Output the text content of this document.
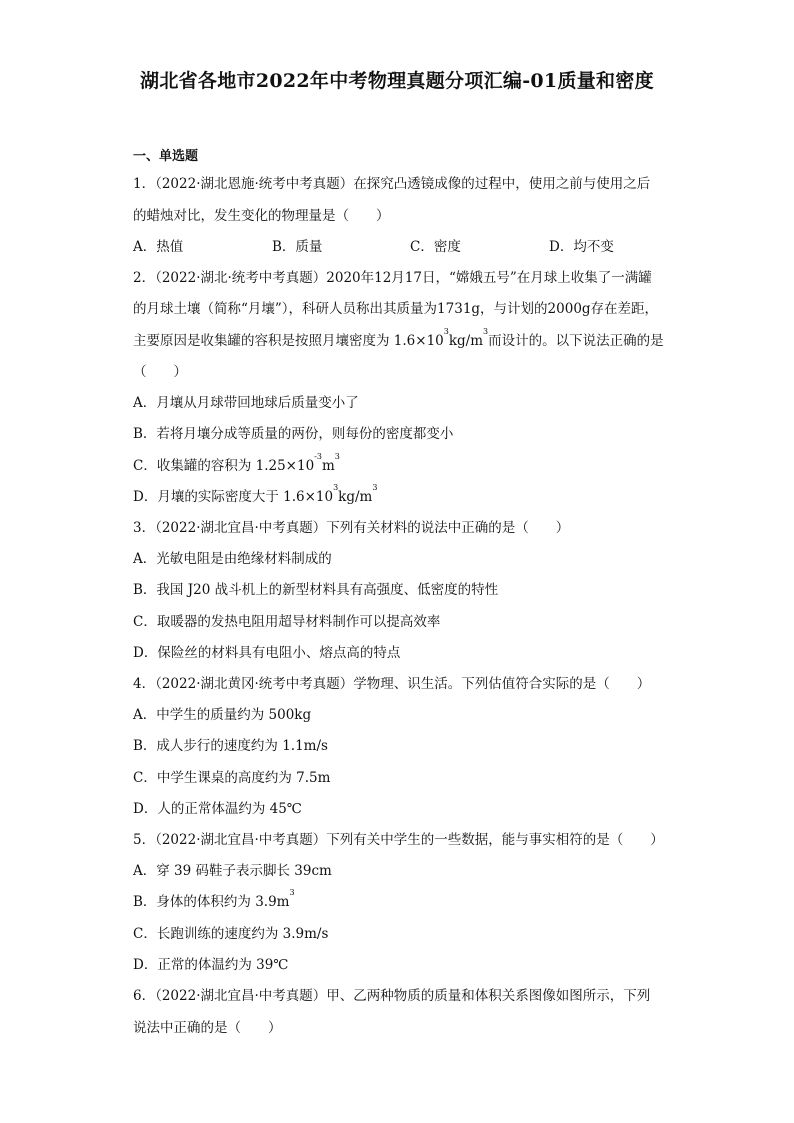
湖北省各地市2022年中考物理真题分项汇编-01质量和密度
一、单选题
1．（2022·湖北恩施·统考中考真题）在探究凸透镜成像的过程中，使用之前与使用之后
的蜡烛对比，发生变化的物理量是（　　）
A．热值	B．质量	C．密度	D．均不变
2．（2022·湖北·统考中考真题）2020年12月17日，“嫦娥五号”在月球上收集了一满罐
的月球土壤（简称“月壤”），科研人员称出其质量为1731g，与计划的2000g存在差距，
主要原因是收集罐的容积是按照月壤密度为 $1.6\times 10^3kg/m^3$而设计的。以下说法正确的是
（　　）
A．月壤从月球带回地球后质量变小了
B．若将月壤分成等质量的两份，则每份的密度都变小
C．收集罐的容积为 $1.25\times 10^{-3}m^3$
D．月壤的实际密度大于 $1.6\times 10^3kg/m^3$
3．（2022·湖北宜昌·中考真题）下列有关材料的说法中正确的是（　　）
A．光敏电阻是由绝缘材料制成的
B．我国 J20 战斗机上的新型材料具有高强度、低密度的特性
C．取暖器的发热电阻用超导材料制作可以提高效率
D．保险丝的材料具有电阻小、熔点高的特点
4．（2022·湖北黄冈·统考中考真题）学物理、识生活。下列估值符合实际的是（　　）
A．中学生的质量约为 500kg
B．成人步行的速度约为 1.1m/s
C．中学生课桌的高度约为 7.5m
D．人的正常体温约为 45℃
5．（2022·湖北宜昌·中考真题）下列有关中学生的一些数据，能与事实相符的是（　　）
A．穿 39 码鞋子表示脚长 39cm
B．身体的体积约为 $3.9m^3$
C．长跑训练的速度约为 3.9m/s
D．正常的体温约为 39℃
6．（2022·湖北宜昌·中考真题）甲、乙两种物质的质量和体积关系图像如图所示，下列
说法中正确的是（　　）
